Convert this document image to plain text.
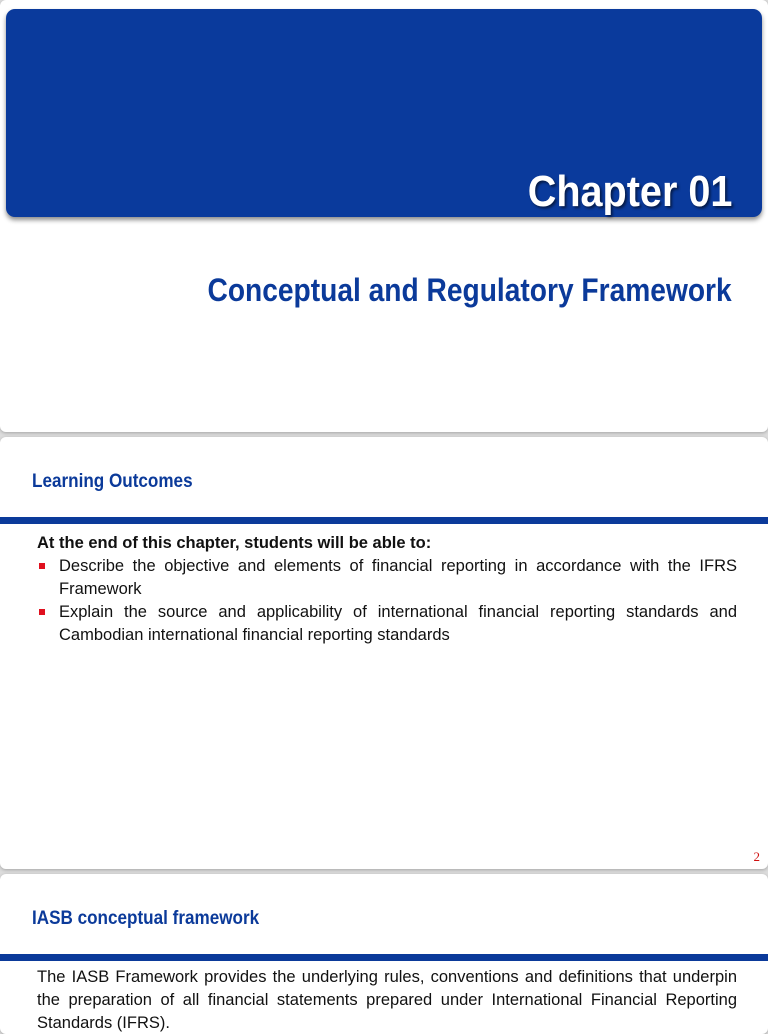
Chapter 01
Conceptual and Regulatory Framework
Learning Outcomes
At the end of this chapter, students will be able to:
Describe the objective and elements of financial reporting in accordance with the IFRS Framework
Explain the source and applicability of international financial reporting standards and Cambodian international financial reporting standards
2
IASB conceptual framework
The IASB Framework provides the underlying rules, conventions and definitions that underpin the preparation of all financial statements prepared under International Financial Reporting Standards (IFRS).
